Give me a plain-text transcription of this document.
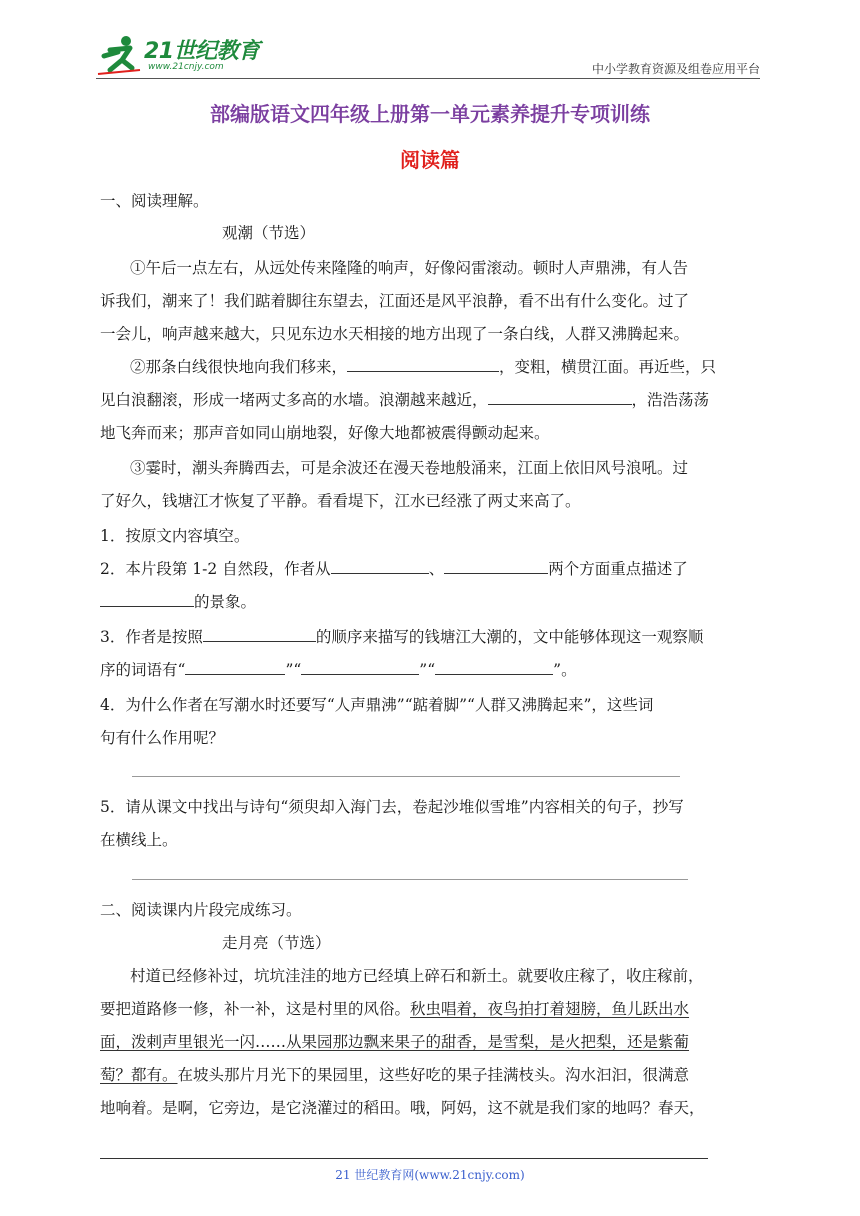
21世纪教育
www.21cnjy.com	中小学教育资源及组卷应用平台
部编版语文四年级上册第一单元素养提升专项训练
阅读篇
一、阅读理解。
观潮（节选）
①午后一点左右，从远处传来隆隆的响声，好像闷雷滚动。顿时人声鼎沸，有人告
诉我们，潮来了！我们踮着脚往东望去，江面还是风平浪静，看不出有什么变化。过了
一会儿，响声越来越大，只见东边水天相接的地方出现了一条白线，人群又沸腾起来。
②那条白线很快地向我们移来，	，变粗，横贯江面。再近些，只
见白浪翻滚，形成一堵两丈多高的水墙。浪潮越来越近，	，浩浩荡荡
地飞奔而来；那声音如同山崩地裂，好像大地都被震得颤动起来。
③霎时，潮头奔腾西去，可是余波还在漫天卷地般涌来，江面上依旧风号浪吼。过
了好久，钱塘江才恢复了平静。看看堤下，江水已经涨了两丈来高了。
1．按原文内容填空。
2．本片段第 1-2 自然段，作者从	、	两个方面重点描述了
的景象。
3．作者是按照	的顺序来描写的钱塘江大潮的，文中能够体现这一观察顺
序的词语有“	”“	”“	”。
4．为什么作者在写潮水时还要写“人声鼎沸”“踮着脚”“人群又沸腾起来”，这些词
句有什么作用呢？
5．请从课文中找出与诗句“须臾却入海门去，卷起沙堆似雪堆”内容相关的句子，抄写
在横线上。
二、阅读课内片段完成练习。
走月亮（节选）
村道已经修补过，坑坑洼洼的地方已经填上碎石和新土。就要收庄稼了，收庄稼前，
要把道路修一修，补一补，这是村里的风俗。秋虫唱着，夜鸟拍打着翅膀，鱼儿跃出水
面，泼剌声里银光一闪……从果园那边飘来果子的甜香，是雪梨，是火把梨，还是紫葡
萄？都有。在坡头那片月光下的果园里，这些好吃的果子挂满枝头。沟水汩汩，很满意
地响着。是啊，它旁边，是它浇灌过的稻田。哦，阿妈，这不就是我们家的地吗？春天，
21 世纪教育网(www.21cnjy.com)
